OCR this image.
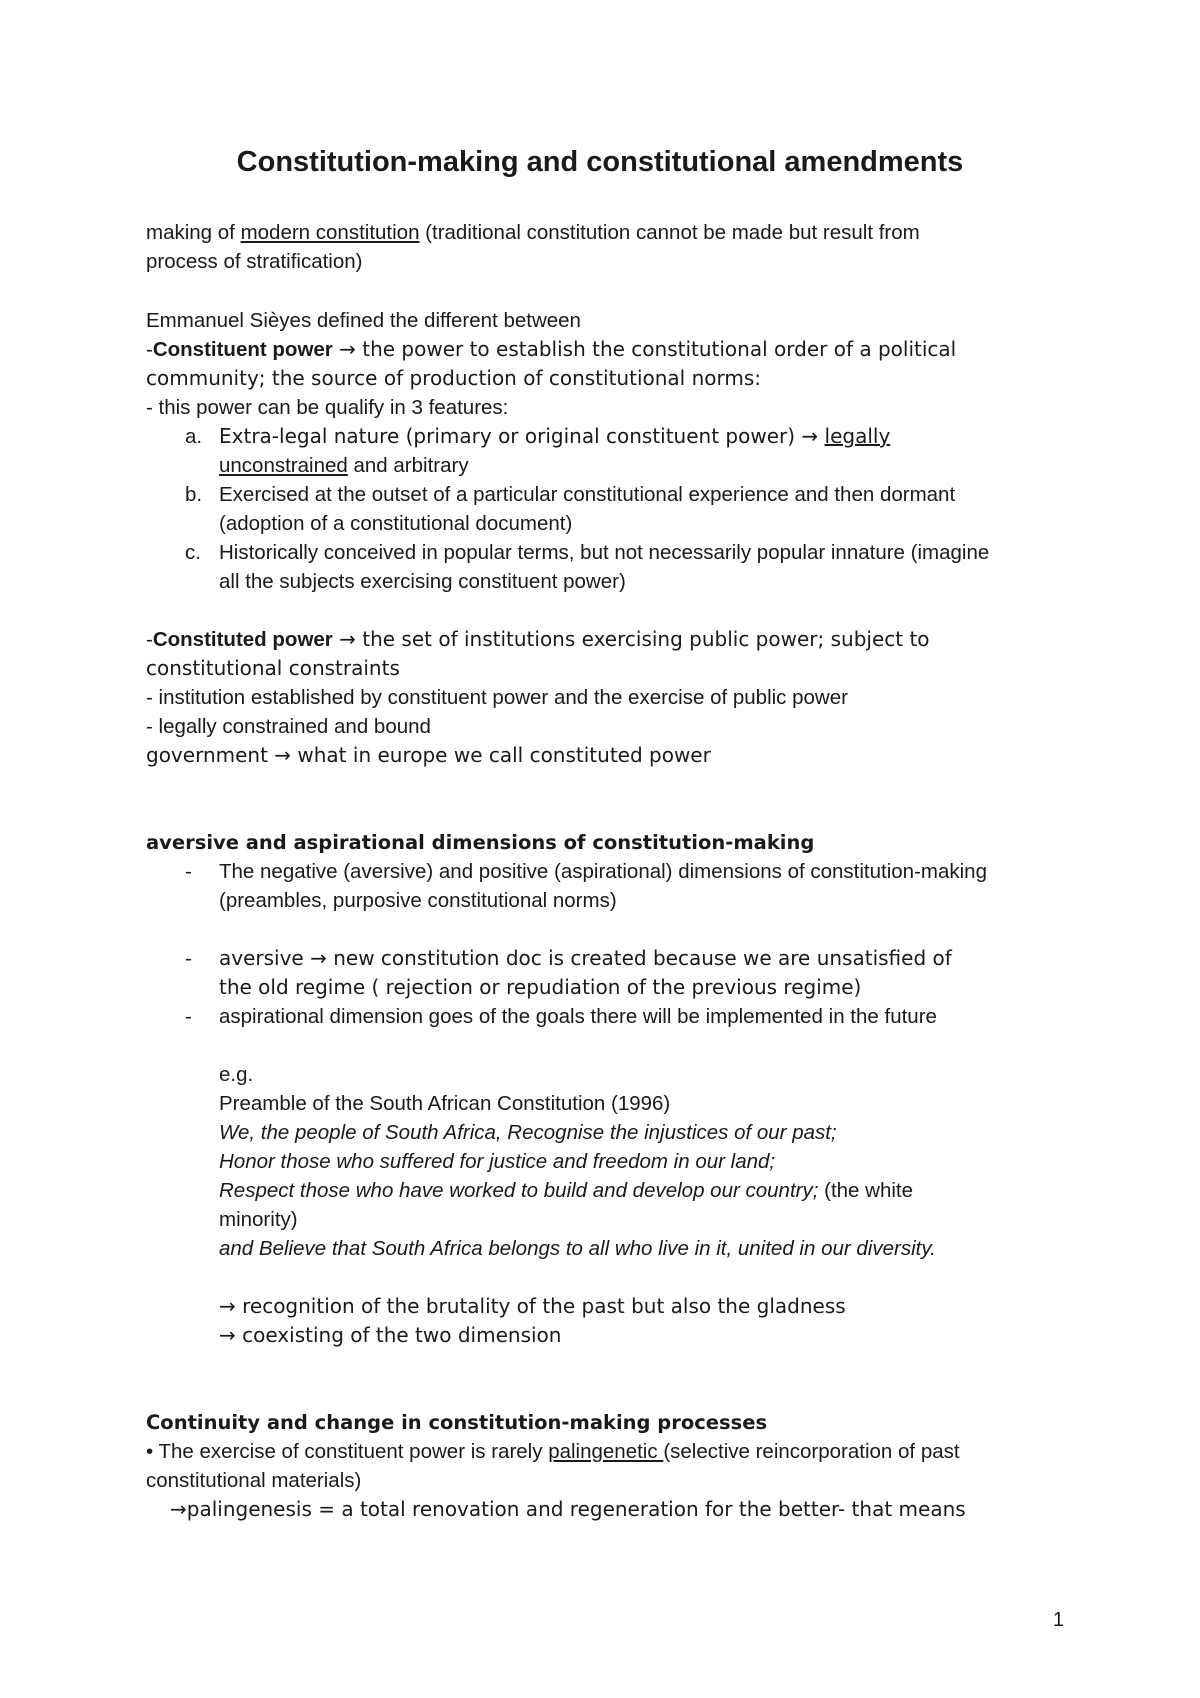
Constitution-making and constitutional amendments
making of modern constitution (traditional constitution cannot be made but result from
process of stratification)
Emmanuel Sièyes defined the different between
-Constituent power → the power to establish the constitutional order of a political
community; the source of production of constitutional norms:
- this power can be qualify in 3 features:
a. Extra-legal nature (primary or original constituent power) → legally
unconstrained and arbitrary
b. Exercised at the outset of a particular constitutional experience and then dormant
(adoption of a constitutional document)
c. Historically conceived in popular terms, but not necessarily popular innature (imagine
all the subjects exercising constituent power)
-Constituted power → the set of institutions exercising public power; subject to
constitutional constraints
- institution established by constituent power and the exercise of public power
- legally constrained and bound
government → what in europe we call constituted power
aversive and aspirational dimensions of constitution-making
- The negative (aversive) and positive (aspirational) dimensions of constitution-making
(preambles, purposive constitutional norms)
- aversive → new constitution doc is created because we are unsatisfied of
the old regime ( rejection or repudiation of the previous regime)
- aspirational dimension goes of the goals there will be implemented in the future
e.g.
Preamble of the South African Constitution (1996)
We, the people of South Africa, Recognise the injustices of our past;
Honor those who suffered for justice and freedom in our land;
Respect those who have worked to build and develop our country; (the white
minority)
and Believe that South Africa belongs to all who live in it, united in our diversity.
→ recognition of the brutality of the past but also the gladness
→ coexisting of the two dimension
Continuity and change in constitution-making processes
• The exercise of constituent power is rarely palingenetic (selective reincorporation of past
constitutional materials)
→palingenesis = a total renovation and regeneration for the better- that means
1
